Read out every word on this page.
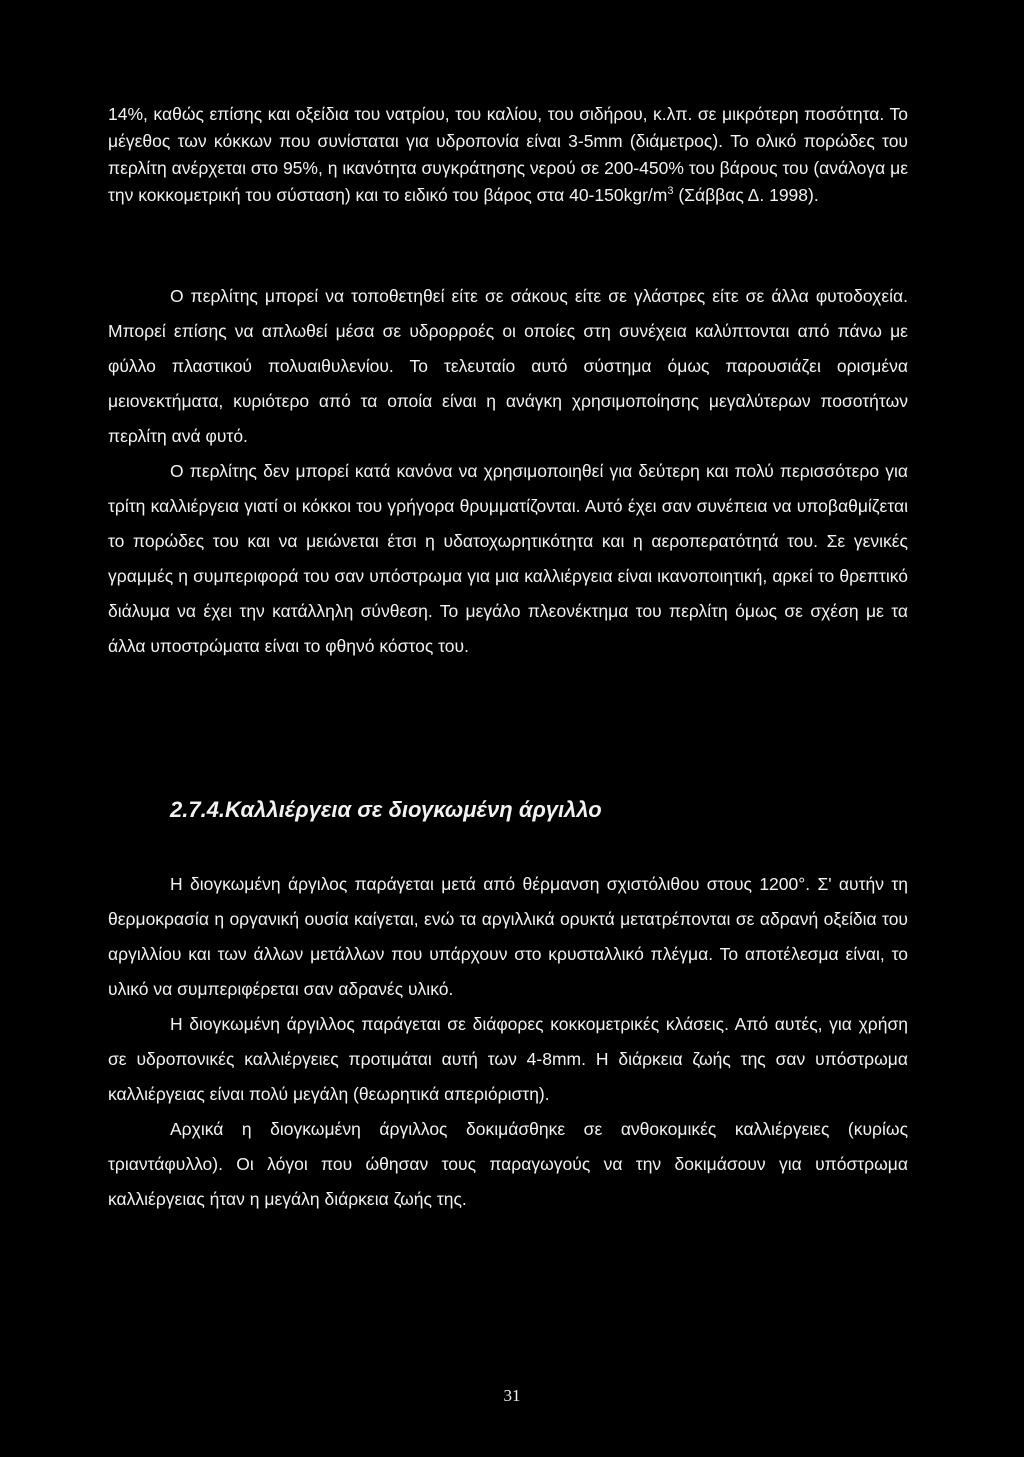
14%, καθώς επίσης και οξείδια του νατρίου, του καλίου, του σιδήρου, κ.λπ. σε μικρότερη ποσότητα. Το μέγεθος των κόκκων που συνίσταται για υδροπονία είναι 3-5mm (διάμετρος). Το ολικό πορώδες του περλίτη ανέρχεται στο 95%, η ικανότητα συγκράτησης νερού σε 200-450% του βάρους του (ανάλογα με την κοκκομετρική του σύσταση) και το ειδικό του βάρος στα $40-150kgr/m^3$ (Σάββας Δ. 1998).

Ο περλίτης μπορεί να τοποθετηθεί είτε σε σάκους είτε σε γλάστρες είτε σε άλλα φυτοδοχεία. Μπορεί επίσης να απλωθεί μέσα σε υδρορροές οι οποίες στη συνέχεια καλύπτονται από πάνω με φύλλο πλαστικού πολυαιθυλενίου. Το τελευταίο αυτό σύστημα όμως παρουσιάζει ορισμένα μειονεκτήματα, κυριότερο από τα οποία είναι η ανάγκη χρησιμοποίησης μεγαλύτερων ποσοτήτων περλίτη ανά φυτό.

Ο περλίτης δεν μπορεί κατά κανόνα να χρησιμοποιηθεί για δεύτερη και πολύ περισσότερο για τρίτη καλλιέργεια γιατί οι κόκκοι του γρήγορα θρυμματίζονται. Αυτό έχει σαν συνέπεια να υποβαθμίζεται το πορώδες του και να μειώνεται έτσι η υδατοχωρητικότητα και η αεροπερατότητά του. Σε γενικές γραμμές η συμπεριφορά του σαν υπόστρωμα για μια καλλιέργεια είναι ικανοποιητική, αρκεί το θρεπτικό διάλυμα να έχει την κατάλληλη σύνθεση. Το μεγάλο πλεονέκτημα του περλίτη όμως σε σχέση με τα άλλα υποστρώματα είναι το φθηνό κόστος του.

2.7.4.Καλλιέργεια σε διογκωμένη άργιλλο

Η διογκωμένη άργιλος παράγεται μετά από θέρμανση σχιστόλιθου στους 1200°. Σ' αυτήν τη θερμοκρασία η οργανική ουσία καίγεται, ενώ τα αργιλλικά ορυκτά μετατρέπονται σε αδρανή οξείδια του αργιλλίου και των άλλων μετάλλων που υπάρχουν στο κρυσταλλικό πλέγμα. Το αποτέλεσμα είναι, το υλικό να συμπεριφέρεται σαν αδρανές υλικό.

Η διογκωμένη άργιλλος παράγεται σε διάφορες κοκκομετρικές κλάσεις. Από αυτές, για χρήση σε υδροπονικές καλλιέργειες προτιμάται αυτή των 4-8mm. Η διάρκεια ζωής της σαν υπόστρωμα καλλιέργειας είναι πολύ μεγάλη (θεωρητικά απεριόριστη).

Αρχικά η διογκωμένη άργιλλος δοκιμάσθηκε σε ανθοκομικές καλλιέργειες (κυρίως τριαντάφυλλο). Οι λόγοι που ώθησαν τους παραγωγούς να την δοκιμάσουν για υπόστρωμα καλλιέργειας ήταν η μεγάλη διάρκεια ζωής της.

31
